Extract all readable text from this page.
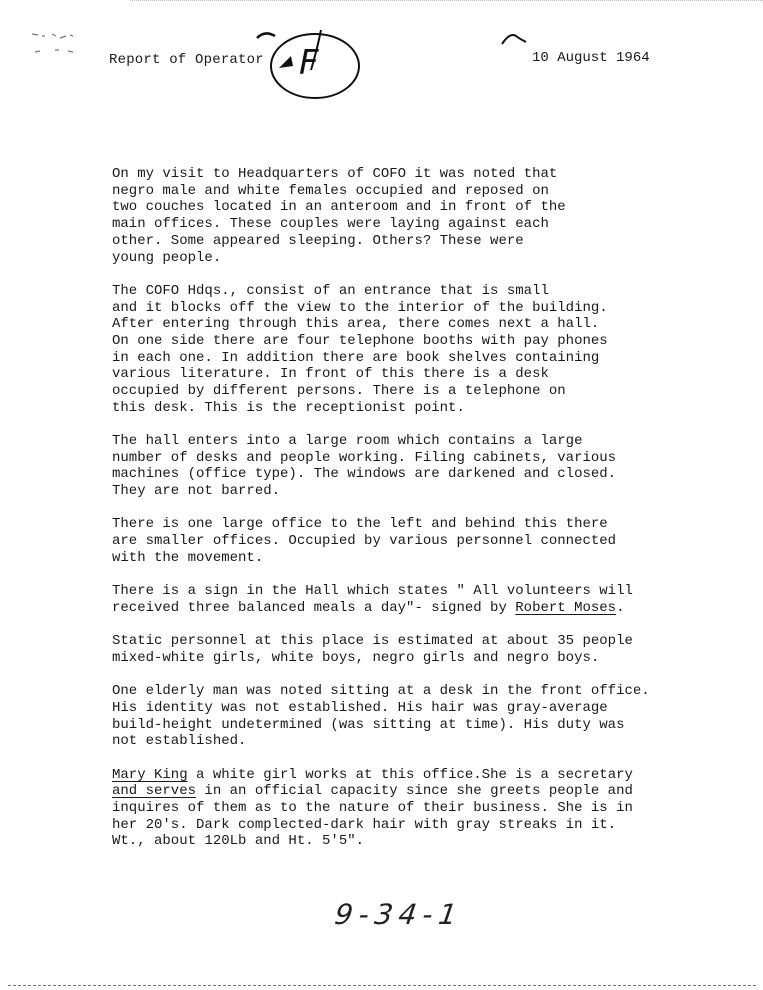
Report of Operator F	10 August 1964

On my visit to Headquarters of COFO it was noted that
negro male and white females occupied and reposed on
two couches located in an anteroom and in front of the
main offices. These couples were laying against each
other. Some appeared sleeping. Others? These were
young people.

The COFO Hdqs., consist of an entrance that is small
and it blocks off the view to the interior of the building.
After entering through this area, there comes next a hall.
On one side there are four telephone booths with pay phones
in each one. In addition there are book shelves containing
various literature. In front of this there is a desk
occupied by different persons. There is a telephone on
this desk. This is the receptionist point.

The hall enters into a large room which contains a large
number of desks and people working. Filing cabinets, various
machines (office type). The windows are darkened and closed.
They are not barred.

There is one large office to the left and behind this there
are smaller offices. Occupied by various personnel connected
with the movement.

There is a sign in the Hall which states " All volunteers will
received three balanced meals a day"- signed by Robert Moses.

Static personnel at this place is estimated at about 35 people
mixed-white girls, white boys, negro girls and negro boys.

One elderly man was noted sitting at a desk in the front office.
His identity was not established. His hair was gray-average
build-height undetermined (was sitting at time). His duty was
not established.

Mary King a white girl works at this office.She is a secretary
and serves in an official capacity since she greets people and
inquires of them as to the nature of their business. She is in
her 20's. Dark complected-dark hair with gray streaks in it.
Wt., about 120Lb and Ht. 5'5".

9-34-1
